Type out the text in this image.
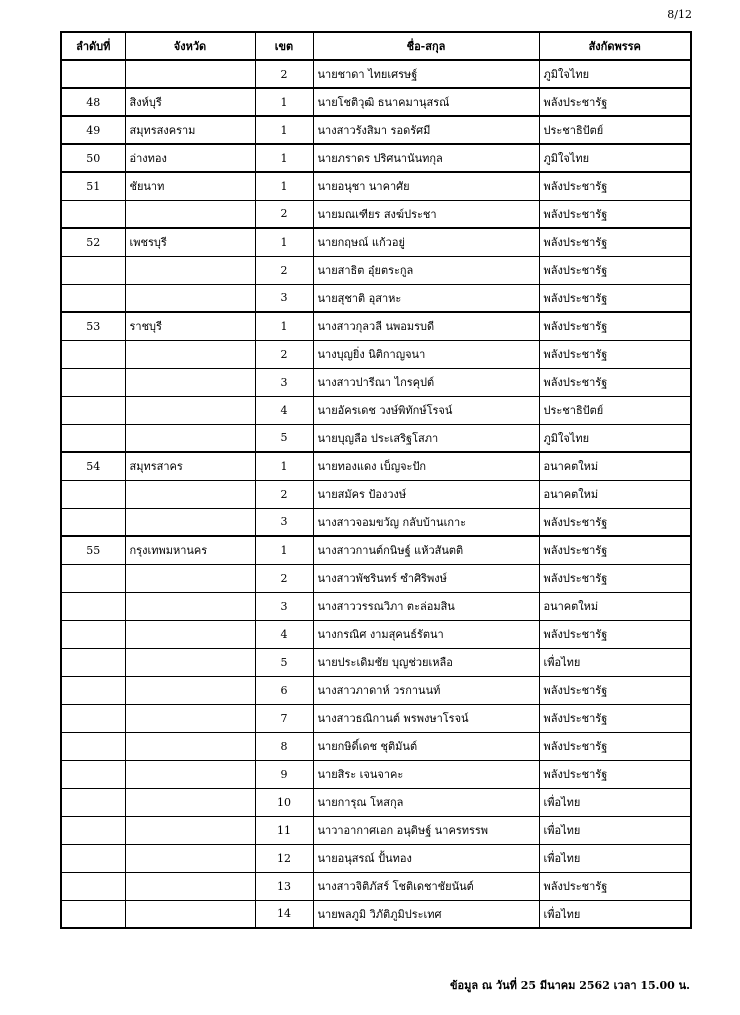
8/12
ลำดับที่	จังหวัด	เขต	ชื่อ-สกุล	สังกัดพรรค
		2	นายชาดา ไทยเศรษฐ์	ภูมิใจไทย
48	สิงห์บุรี	1	นายโชติวุฒิ ธนาคมานุสรณ์	พลังประชารัฐ
49	สมุทรสงคราม	1	นางสาวรังสิมา รอดรัศมี	ประชาธิปัตย์
50	อ่างทอง	1	นายภราดร ปริศนานันทกุล	ภูมิใจไทย
51	ชัยนาท	1	นายอนุชา นาคาศัย	พลังประชารัฐ
		2	นายมณเฑียร สงฆ์ประชา	พลังประชารัฐ
52	เพชรบุรี	1	นายกฤษณ์ แก้วอยู่	พลังประชารัฐ
		2	นายสาธิต อุ๋ยตระกูล	พลังประชารัฐ
		3	นายสุชาติ อุสาหะ	พลังประชารัฐ
53	ราชบุรี	1	นางสาวกุลวลี นพอมรบดี	พลังประชารัฐ
		2	นางบุญยิ่ง นิติกาญจนา	พลังประชารัฐ
		3	นางสาวปารีณา ไกรคุปต์	พลังประชารัฐ
		4	นายอัครเดช วงษ์พิทักษ์โรจน์	ประชาธิปัตย์
		5	นายบุญลือ ประเสริฐโสภา	ภูมิใจไทย
54	สมุทรสาคร	1	นายทองแดง เบ็ญจะปัก	อนาคตใหม่
		2	นายสมัคร ป้องวงษ์	อนาคตใหม่
		3	นางสาวจอมขวัญ กลับบ้านเกาะ	พลังประชารัฐ
55	กรุงเทพมหานคร	1	นางสาวกานต์กนิษฐ์ แห้วสันตติ	พลังประชารัฐ
		2	นางสาวพัชรินทร์ ซำศิริพงษ์	พลังประชารัฐ
		3	นางสาววรรณวิภา ตะล่อมสิน	อนาคตใหม่
		4	นางกรณิศ งามสุคนธ์รัตนา	พลังประชารัฐ
		5	นายประเดิมชัย บุญช่วยเหลือ	เพื่อไทย
		6	นางสาวภาดาห์ วรกานนท์	พลังประชารัฐ
		7	นางสาวธณิกานต์ พรพงษาโรจน์	พลังประชารัฐ
		8	นายกษิดิ์เดช ชุติมันต์	พลังประชารัฐ
		9	นายสิระ เจนจาคะ	พลังประชารัฐ
		10	นายการุณ โหสกุล	เพื่อไทย
		11	นาวาอากาศเอก อนุดิษฐ์ นาครทรรพ	เพื่อไทย
		12	นายอนุสรณ์ ปั้นทอง	เพื่อไทย
		13	นางสาวจิติภัสร์ โชติเดชาชัยนันต์	พลังประชารัฐ
		14	นายพลภูมิ วิภัติภูมิประเทศ	เพื่อไทย
ข้อมูล ณ วันที่ 25 มีนาคม 2562 เวลา 15.00 น.
